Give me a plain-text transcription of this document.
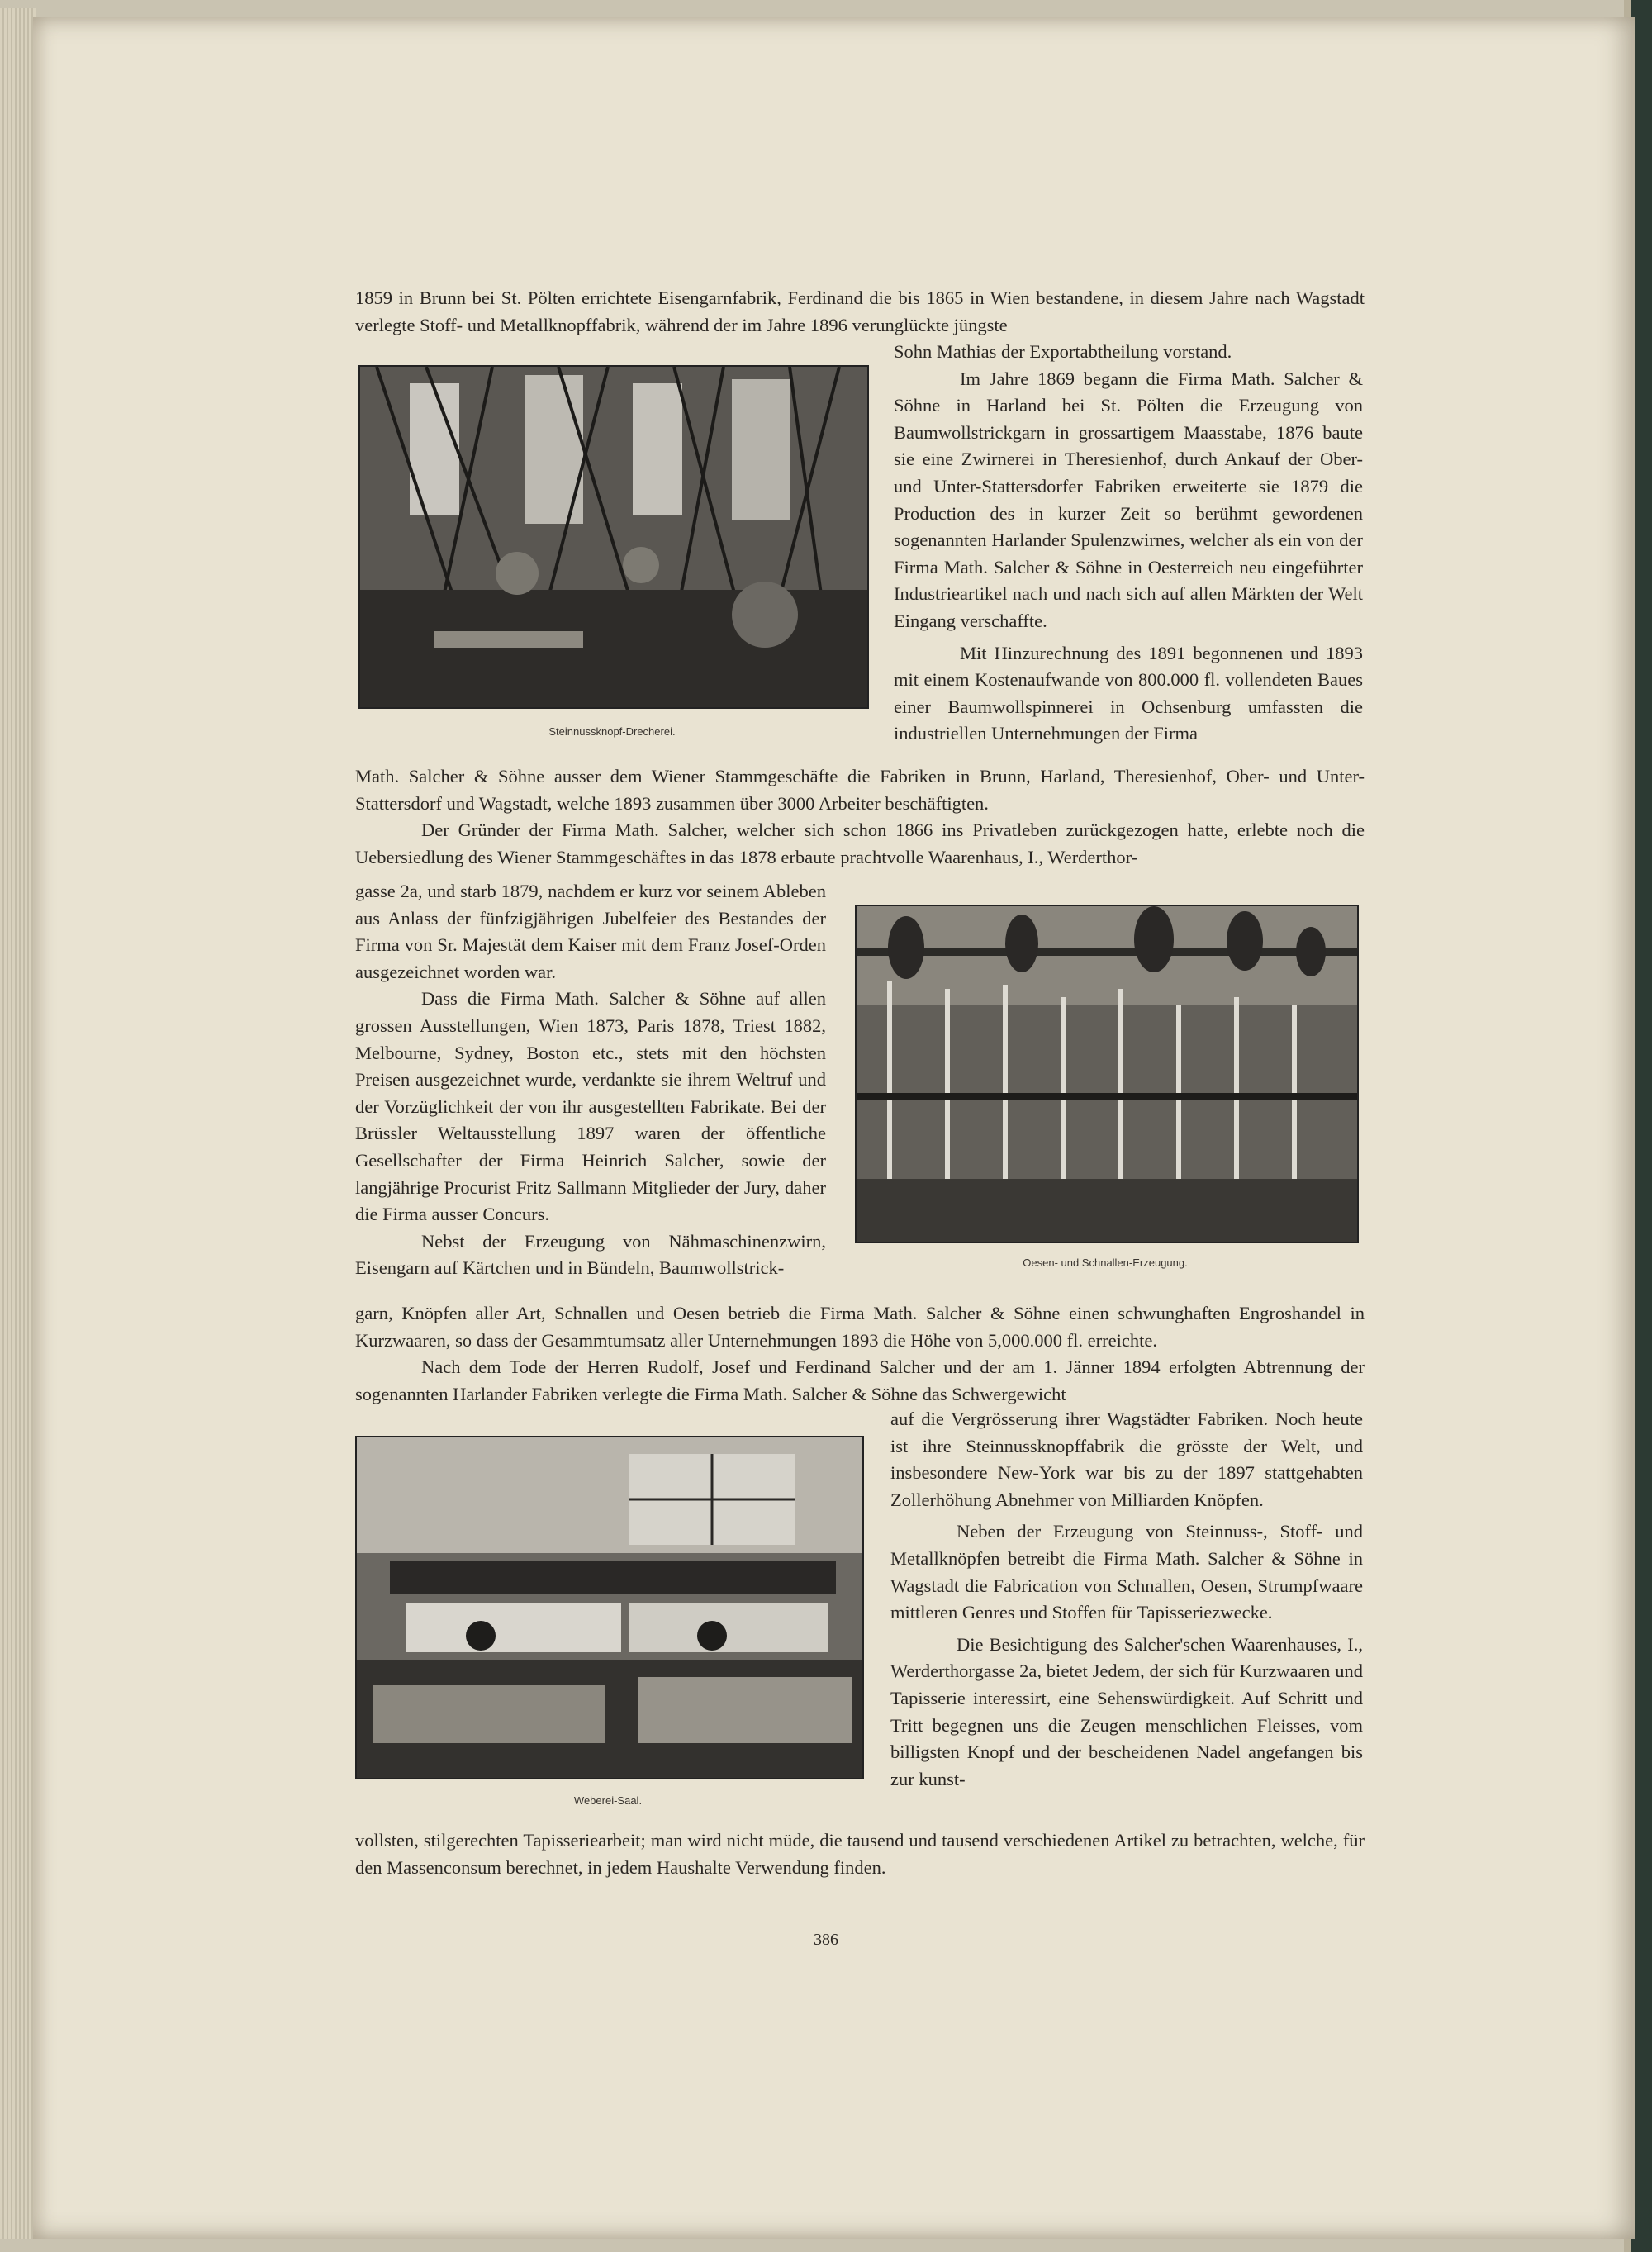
1859 in Brunn bei St. Pölten errichtete Eisengarnfabrik, Ferdinand die bis 1865 in Wien bestandene, in diesem Jahre nach Wagstadt verlegte Stoff- und Metallknopffabrik, während der im Jahre 1896 verunglückte jüngste

Steinnussknopf-Drecherei.

Sohn Mathias der Exportabtheilung vorstand.

Im Jahre 1869 begann die Firma Math. Salcher & Söhne in Harland bei St. Pölten die Erzeugung von Baumwollstrickgarn in grossartigem Maasstabe, 1876 baute sie eine Zwirnerei in Theresienhof, durch Ankauf der Ober- und Unter-Stattersdorfer Fabriken erweiterte sie 1879 die Production des in kurzer Zeit so berühmt gewordenen sogenannten Harlander Spulenzwirnes, welcher als ein von der Firma Math. Salcher & Söhne in Oesterreich neu eingeführter Industrieartikel nach und nach sich auf allen Märkten der Welt Eingang verschaffte.

Mit Hinzurechnung des 1891 begonnenen und 1893 mit einem Kostenaufwande von 800.000 fl. vollendeten Baues einer Baumwollspinnerei in Ochsenburg umfassten die industriellen Unternehmungen der Firma

Math. Salcher & Söhne ausser dem Wiener Stammgeschäfte die Fabriken in Brunn, Harland, Theresienhof, Ober- und Unter-Stattersdorf und Wagstadt, welche 1893 zusammen über 3000 Arbeiter beschäftigten.

Der Gründer der Firma Math. Salcher, welcher sich schon 1866 ins Privatleben zurückgezogen hatte, erlebte noch die Uebersiedlung des Wiener Stammgeschäftes in das 1878 erbaute prachtvolle Waarenhaus, I., Werderthor-

gasse 2a, und starb 1879, nachdem er kurz vor seinem Ableben aus Anlass der fünfzigjährigen Jubelfeier des Bestandes der Firma von Sr. Majestät dem Kaiser mit dem Franz Josef-Orden ausgezeichnet worden war.

Dass die Firma Math. Salcher & Söhne auf allen grossen Ausstellungen, Wien 1873, Paris 1878, Triest 1882, Melbourne, Sydney, Boston etc., stets mit den höchsten Preisen ausgezeichnet wurde, verdankte sie ihrem Weltruf und der Vorzüglichkeit der von ihr ausgestellten Fabrikate. Bei der Brüssler Weltausstellung 1897 waren der öffentliche Gesellschafter der Firma Heinrich Salcher, sowie der langjährige Procurist Fritz Sallmann Mitglieder der Jury, daher die Firma ausser Concurs.

Nebst der Erzeugung von Nähmaschinenzwirn, Eisengarn auf Kärtchen und in Bündeln, Baumwollstrick-	Oesen- und Schnallen-Erzeugung.

garn, Knöpfen aller Art, Schnallen und Oesen betrieb die Firma Math. Salcher & Söhne einen schwunghaften Engroshandel in Kurzwaaren, so dass der Gesammtumsatz aller Unternehmungen 1893 die Höhe von 5,000.000 fl. erreichte.

Nach dem Tode der Herren Rudolf, Josef und Ferdinand Salcher und der am 1. Jänner 1894 erfolgten Abtrennung der sogenannten Harlander Fabriken verlegte die Firma Math. Salcher & Söhne das Schwergewicht

Weberei-Saal.

auf die Vergrösserung ihrer Wagstädter Fabriken. Noch heute ist ihre Steinnussknopffabrik die grösste der Welt, und insbesondere New-York war bis zu der 1897 stattgehabten Zollerhöhung Abnehmer von Milliarden Knöpfen.

Neben der Erzeugung von Steinnuss-, Stoff- und Metallknöpfen betreibt die Firma Math. Salcher & Söhne in Wagstadt die Fabrication von Schnallen, Oesen, Strumpfwaare mittleren Genres und Stoffen für Tapisseriezwecke.

Die Besichtigung des Salcher'schen Waarenhauses, I., Werderthorgasse 2a, bietet Jedem, der sich für Kurzwaaren und Tapisserie interessirt, eine Sehenswürdigkeit. Auf Schritt und Tritt begegnen uns die Zeugen menschlichen Fleisses, vom billigsten Knopf und der bescheidenen Nadel angefangen bis zur kunst-

vollsten, stilgerechten Tapisseriearbeit; man wird nicht müde, die tausend und tausend verschiedenen Artikel zu betrachten, welche, für den Massenconsum berechnet, in jedem Haushalte Verwendung finden.

— 386 —
